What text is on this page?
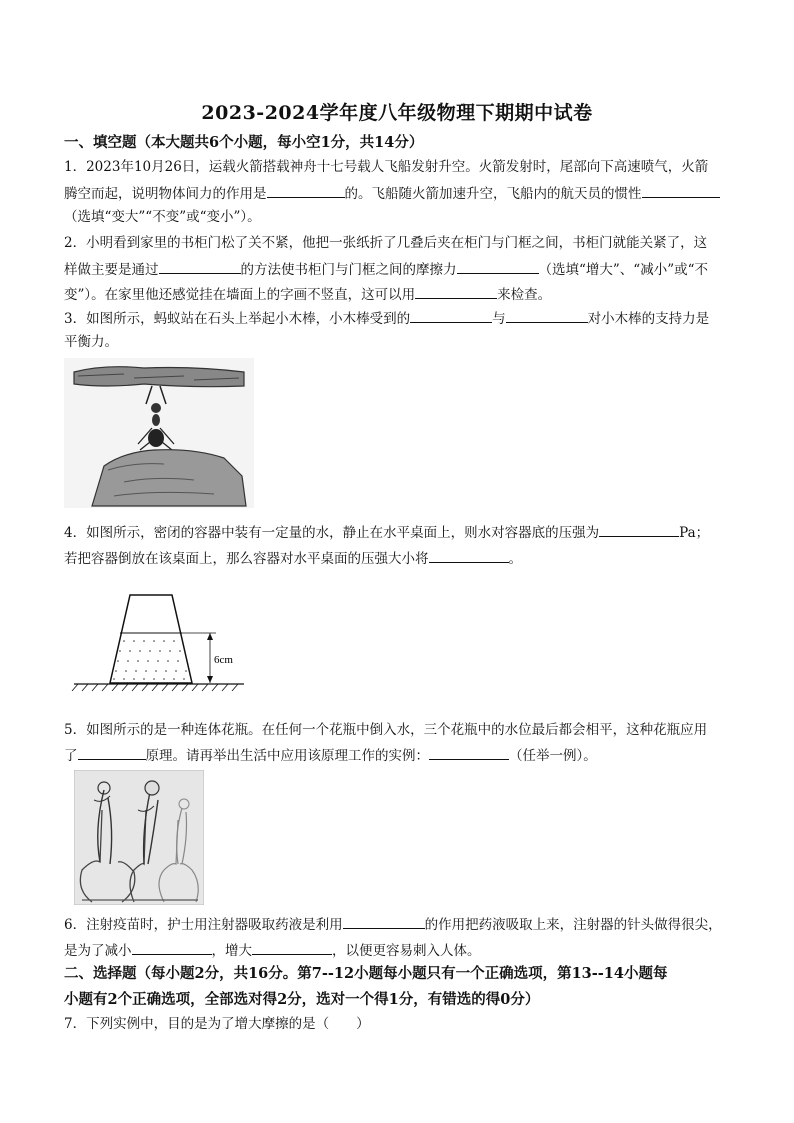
2023-2024学年度八年级物理下期期中试卷
一、填空题（本大题共6个小题，每小空1分，共14分）
1．2023年10月26日，运载火箭搭载神舟十七号载人飞船发射升空。火箭发射时，尾部向下高速喷气，火箭
腾空而起，说明物体间力的作用是	的。飞船随火箭加速升空，飞船内的航天员的惯性
（选填“变大”“不变”或“变小”）。
2．小明看到家里的书柜门松了关不紧，他把一张纸折了几叠后夹在柜门与门框之间，书柜门就能关紧了，这
样做主要是通过	的方法使书柜门与门框之间的摩擦力	（选填“增大”、“减小”或“不
变”）。在家里他还感觉挂在墙面上的字画不竖直，这可以用	来检查。
3．如图所示，蚂蚁站在石头上举起小木棒，小木棒受到的	与	对小木棒的支持力是
平衡力。
4．如图所示，密闭的容器中装有一定量的水，静止在水平桌面上，则水对容器底的压强为	Pa；
若把容器倒放在该桌面上，那么容器对水平桌面的压强大小将	。
6cm
5．如图所示的是一种连体花瓶。在任何一个花瓶中倒入水，三个花瓶中的水位最后都会相平，这种花瓶应用
了	原理。请再举出生活中应用该原理工作的实例：	（任举一例）。
6．注射疫苗时，护士用注射器吸取药液是利用	的作用把药液吸取上来，注射器的针头做得很尖，
是为了减小	，增大	，以便更容易刺入人体。
二、选择题（每小题2分，共16分。第7--12小题每小题只有一个正确选项，第13--14小题每
小题有2个正确选项，全部选对得2分，选对一个得1分，有错选的得0分）
7．下列实例中，目的是为了增大摩擦的是（　　）
